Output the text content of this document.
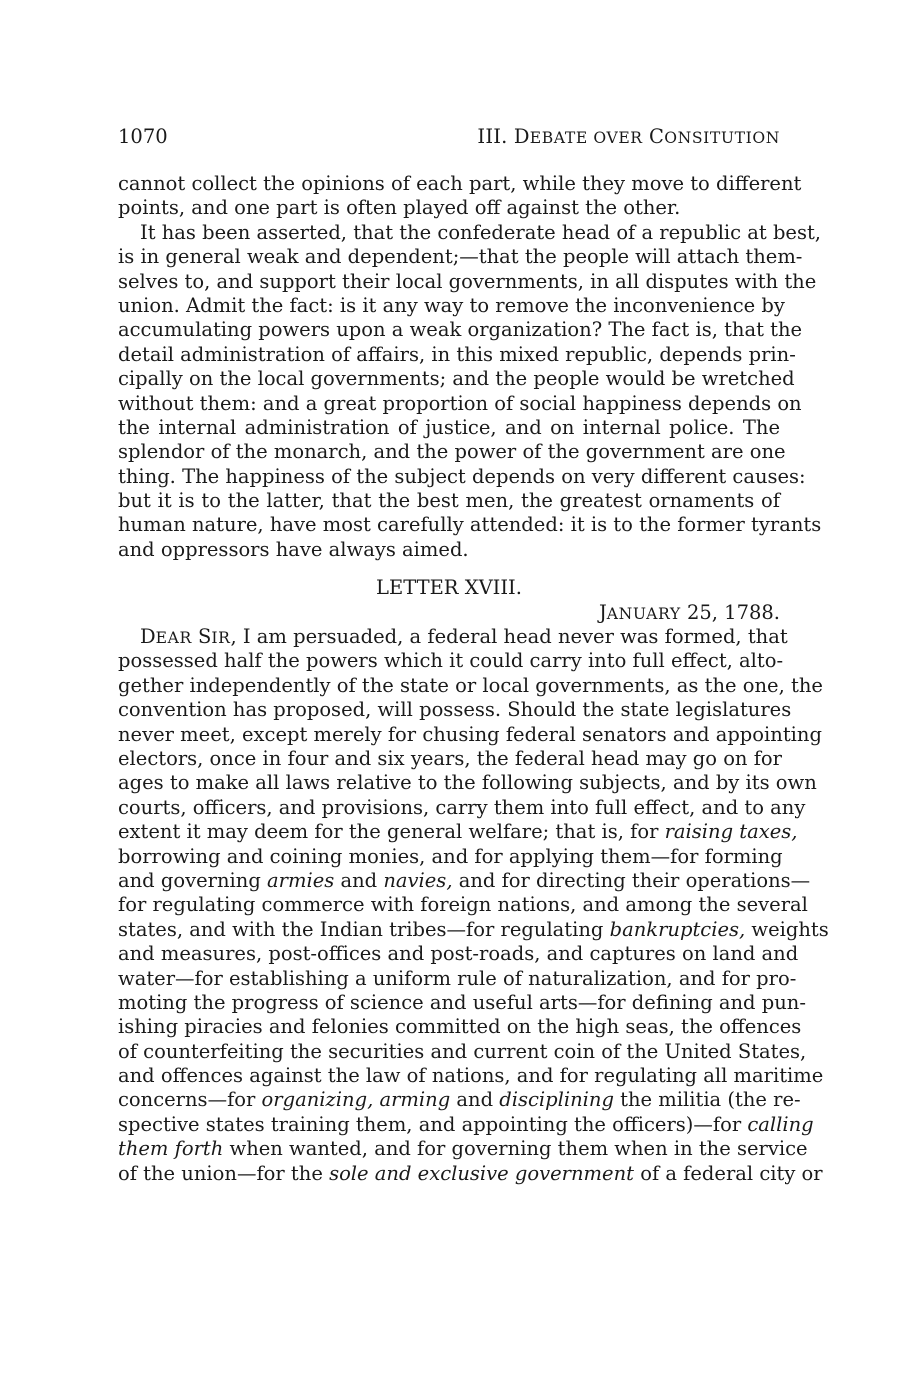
1070	III. DEBATE OVER CONSITUTION
cannot collect the opinions of each part, while they move to different
points, and one part is often played off against the other.
It has been asserted, that the confederate head of a republic at best,
is in general weak and dependent;—that the people will attach them-
selves to, and support their local governments, in all disputes with the
union. Admit the fact: is it any way to remove the inconvenience by
accumulating powers upon a weak organization? The fact is, that the
detail administration of affairs, in this mixed republic, depends prin-
cipally on the local governments; and the people would be wretched
without them: and a great proportion of social happiness depends on
the internal administration of justice, and on internal police. The
splendor of the monarch, and the power of the government are one
thing. The happiness of the subject depends on very different causes:
but it is to the latter, that the best men, the greatest ornaments of
human nature, have most carefully attended: it is to the former tyrants
and oppressors have always aimed.
LETTER XVIII.
JANUARY 25, 1788.
DEAR SIR, I am persuaded, a federal head never was formed, that
possessed half the powers which it could carry into full effect, alto-
gether independently of the state or local governments, as the one, the
convention has proposed, will possess. Should the state legislatures
never meet, except merely for chusing federal senators and appointing
electors, once in four and six years, the federal head may go on for
ages to make all laws relative to the following subjects, and by its own
courts, officers, and provisions, carry them into full effect, and to any
extent it may deem for the general welfare; that is, for raising taxes,
borrowing and coining monies, and for applying them—for forming
and governing armies and navies, and for directing their operations—
for regulating commerce with foreign nations, and among the several
states, and with the Indian tribes—for regulating bankruptcies, weights
and measures, post-offices and post-roads, and captures on land and
water—for establishing a uniform rule of naturalization, and for pro-
moting the progress of science and useful arts—for defining and pun-
ishing piracies and felonies committed on the high seas, the offences
of counterfeiting the securities and current coin of the United States,
and offences against the law of nations, and for regulating all maritime
concerns—for organizing, arming and disciplining the militia (the re-
spective states training them, and appointing the officers)—for calling
them forth when wanted, and for governing them when in the service
of the union—for the sole and exclusive government of a federal city or
